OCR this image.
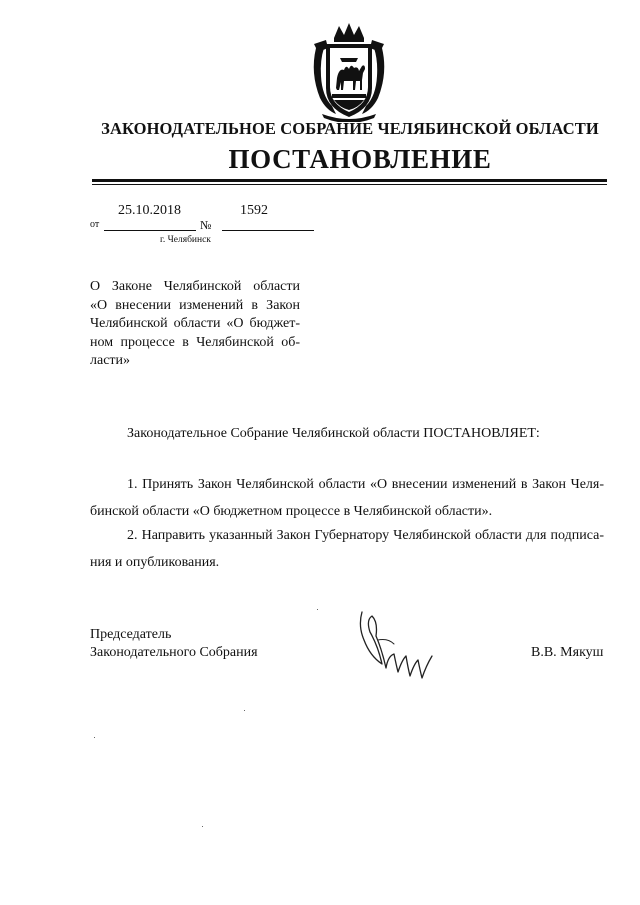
ЗАКОНОДАТЕЛЬНОЕ СОБРАНИЕ ЧЕЛЯБИНСКОЙ ОБЛАСТИ
ПОСТАНОВЛЕНИЕ
от
25.10.2018
№
1592
г. Челябинск
О Законе Челябинской области
«О внесении изменений в Закон
Челябинской области «О бюджет-
ном процессе в Челябинской об-
ласти»
Законодательное Собрание Челябинской области ПОСТАНОВЛЯЕТ:
1. Принять Закон Челябинской области «О внесении изменений в Закон Челя-
бинской области «О бюджетном процессе в Челябинской области».
2. Направить указанный Закон Губернатору Челябинской области для подписа-
ния и опубликования.
Председатель
Законодательного Собрания	В.В. Мякуш
